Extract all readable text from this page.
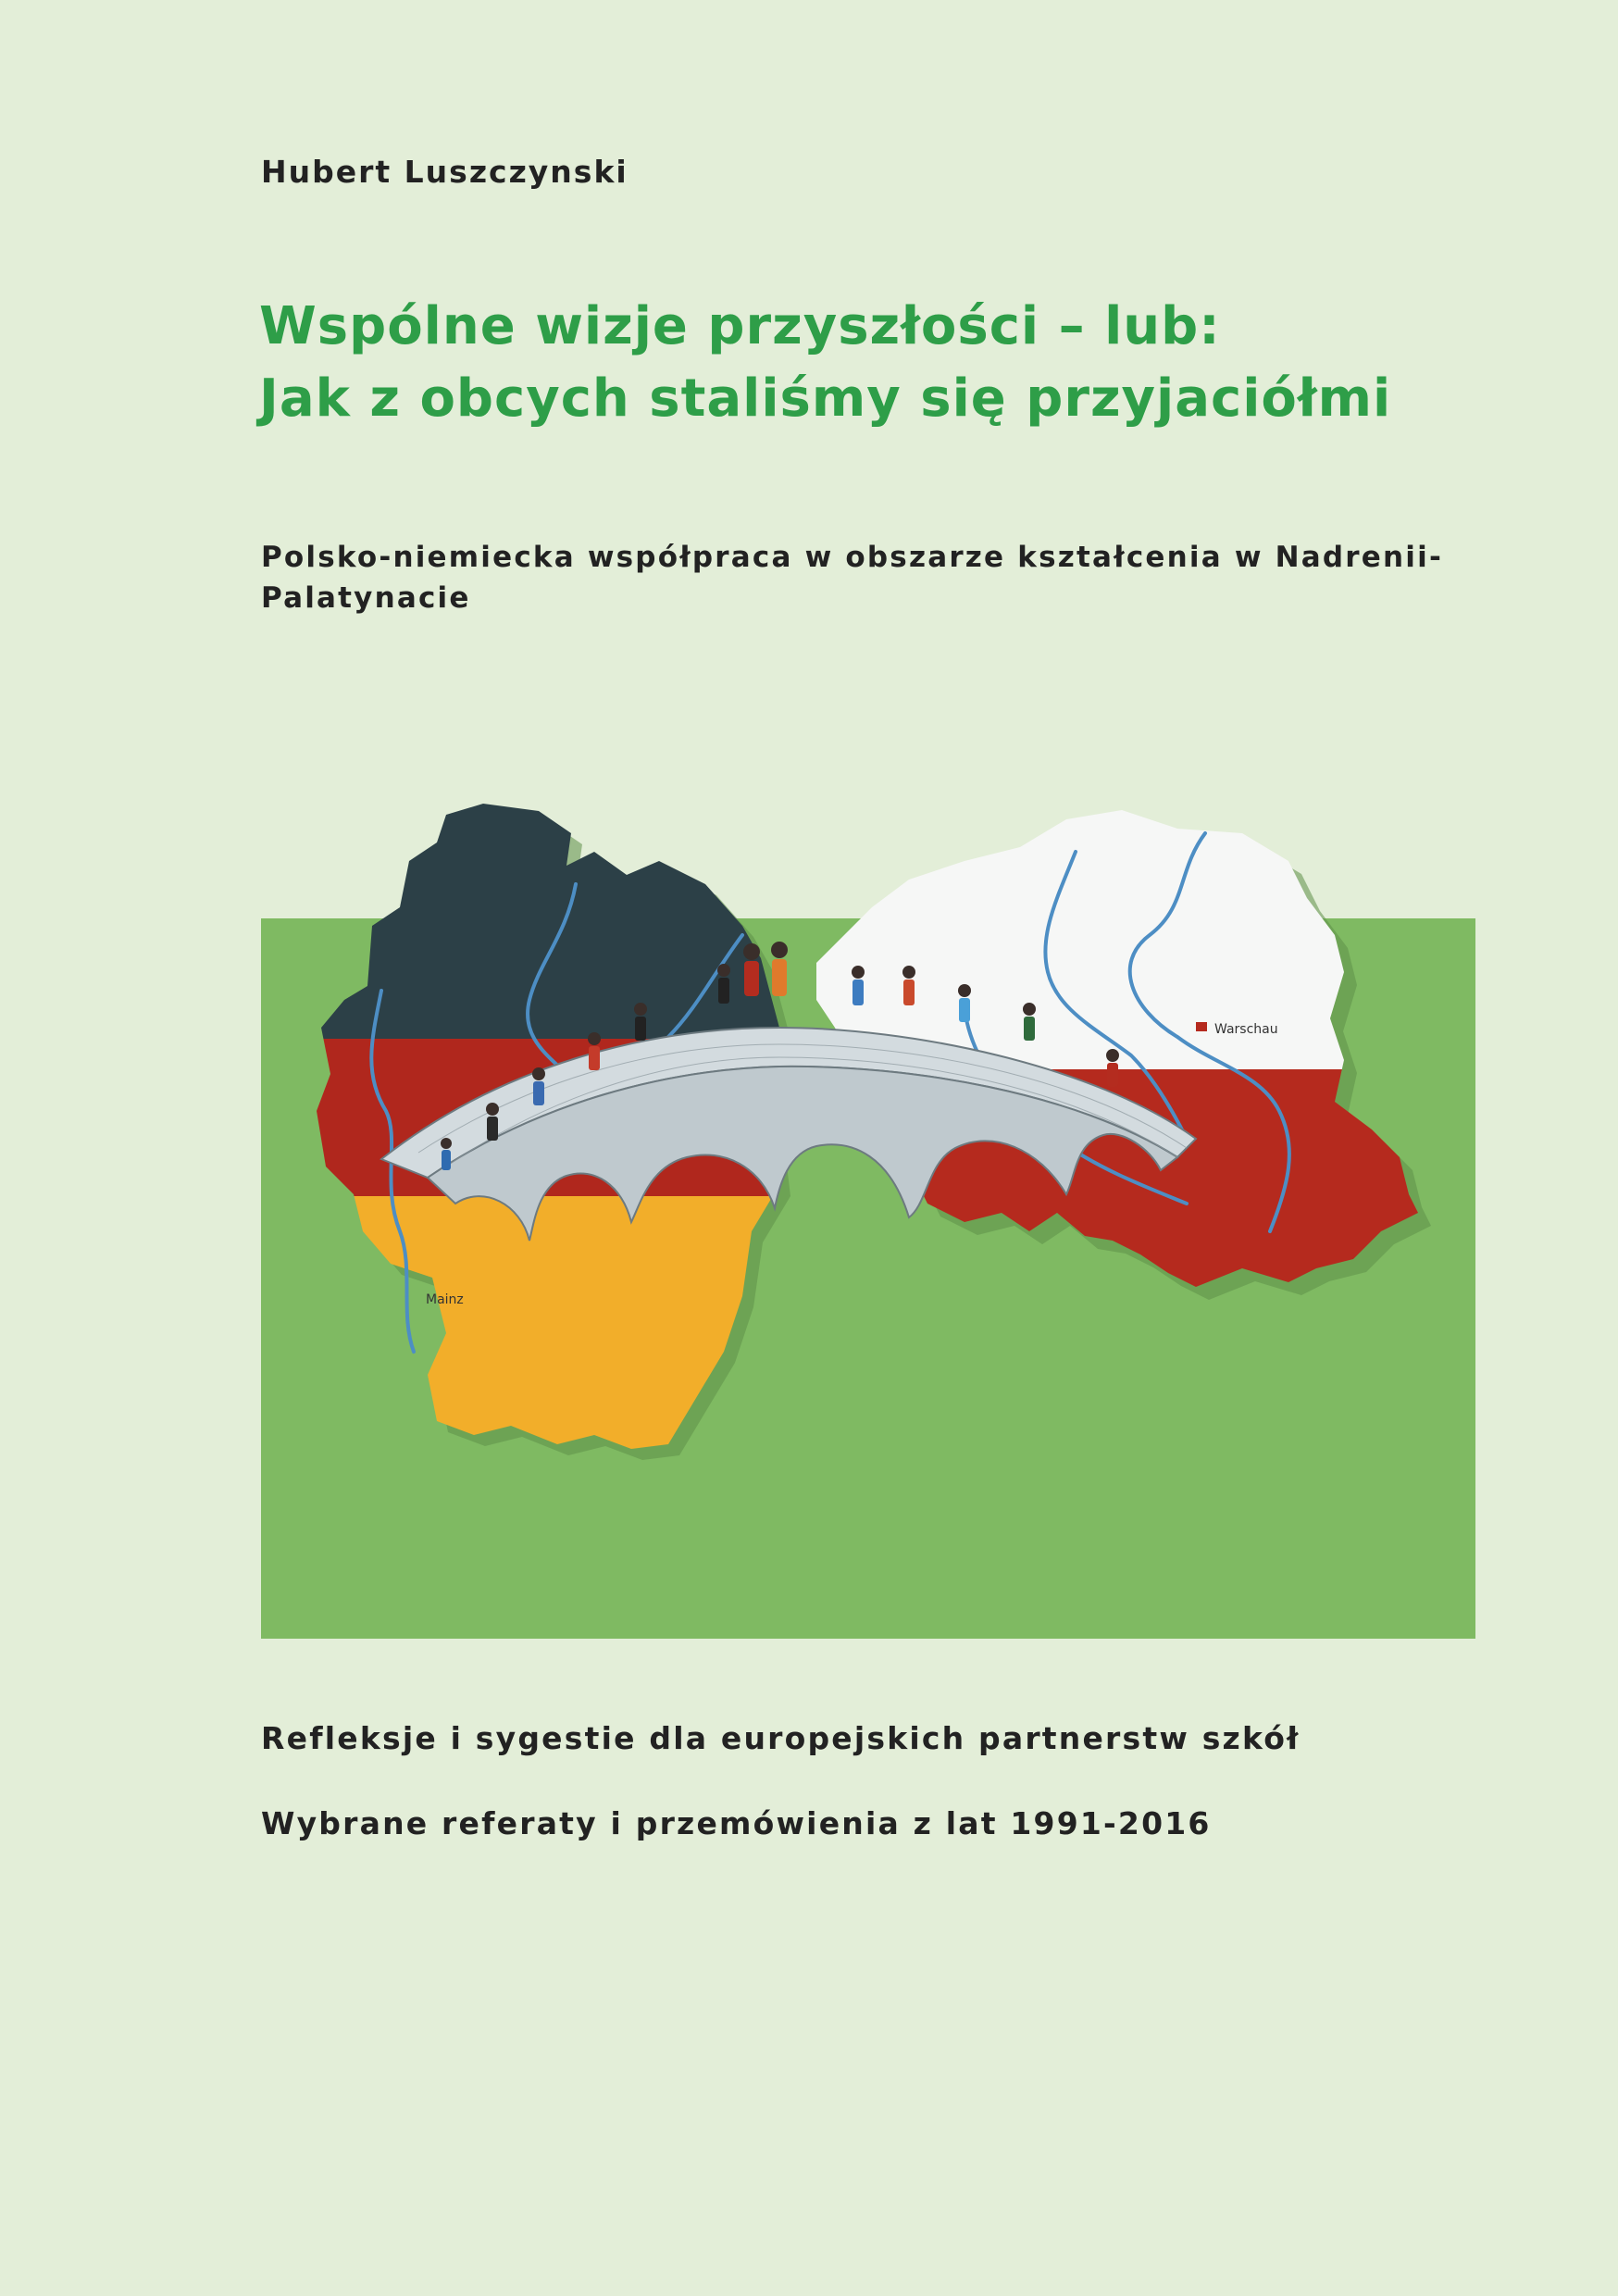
Hubert Luszczynski
Wspólne wizje przyszłości – lub:
Jak z obcych staliśmy się przyjaciółmi
Polsko-niemiecka współpraca w obszarze kształcenia w Nadrenii-
Palatynacie
Warschau
Mainz
Refleksje i sygestie dla europejskich partnerstw szkół
Wybrane referaty i przemówienia z lat 1991-2016
